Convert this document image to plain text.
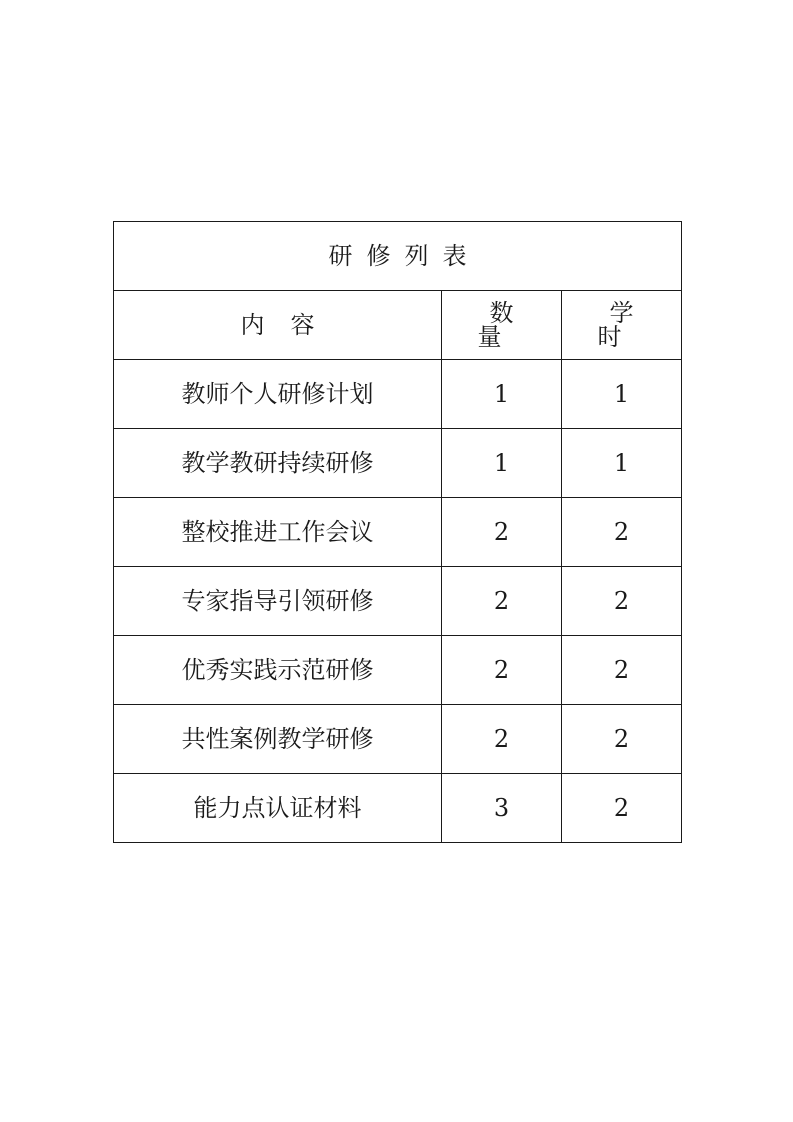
研修列表		
内容	数量	学时
教师个人研修计划	1	1
教学教研持续研修	1	1
整校推进工作会议	2	2
专家指导引领研修	2	2
优秀实践示范研修	2	2
共性案例教学研修	2	2
能力点认证材料	3	2
